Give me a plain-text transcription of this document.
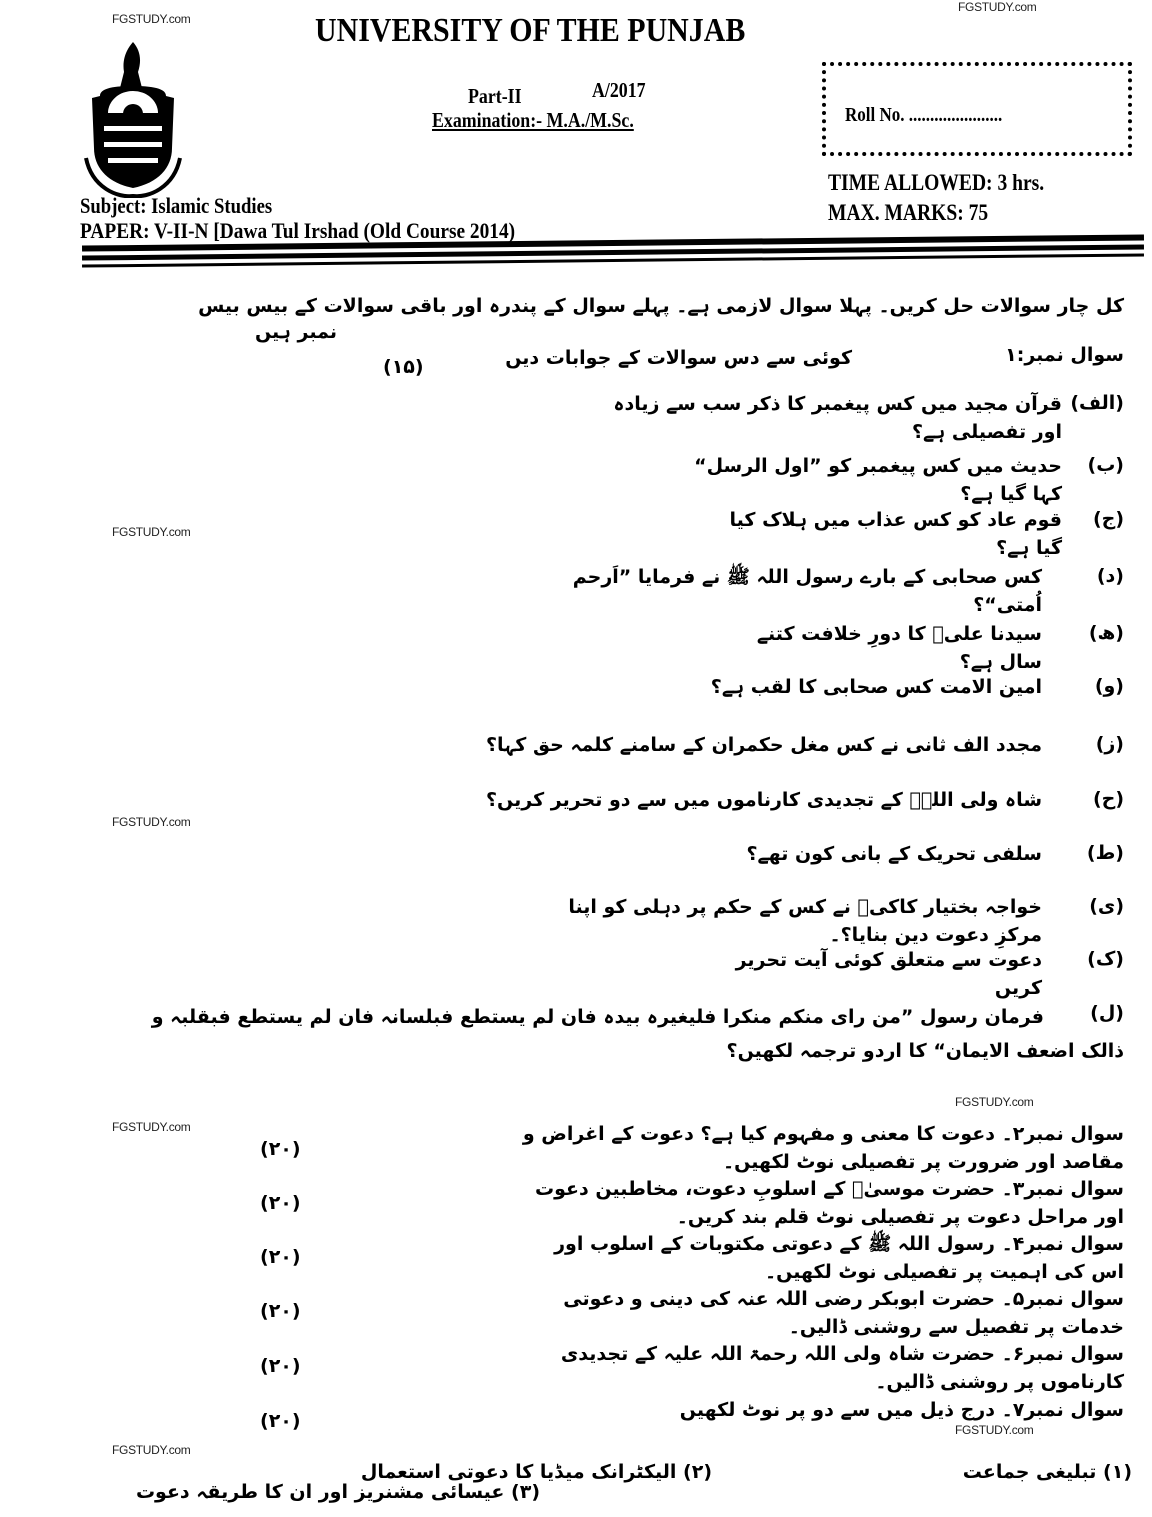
FGSTUDY.com
FGSTUDY.com
FGSTUDY.com
FGSTUDY.com
FGSTUDY.com
FGSTUDY.com
FGSTUDY.com
FGSTUDY.com
UNIVERSITY OF THE PUNJAB
Part-II	A/2017
Examination:- M.A./M.Sc.	Roll No. ......................
TIME ALLOWED: 3 hrs.
MAX. MARKS: 75
Subject: Islamic Studies
PAPER: V-II-N [Dawa Tul Irshad (Old Course 2014)
کل چار سوالات حل کریں۔ پہلا سوال لازمی ہے۔ پہلے سوال کے پندرہ اور باقی سوالات کے بیس بیس
نمبر ہیں
سوال نمبر:۱
کوئی سے دس سوالات کے جوابات دیں
(۱۵)
(الف)
قرآن مجید میں کس پیغمبر کا ذکر سب سے زیادہ اور تفصیلی ہے؟
(ب)
حدیث میں کس پیغمبر کو ”اول الرسل“ کہا گیا ہے؟
(ج)
قوم عاد کو کس عذاب میں ہلاک کیا گیا ہے؟
(د)
کس صحابی کے بارے رسول اللہ ﷺ نے فرمایا ”اَرحم اُمتی“؟
(ھ)
سیدنا علیؓ کا دورِ خلافت کتنے سال ہے؟
(و)
امین الامت کس صحابی کا لقب ہے؟
(ز)
مجدد الف ثانی نے کس مغل حکمران کے سامنے کلمہ حق کہا؟
(ح)
شاہ ولی اللہؒ کے تجدیدی کارناموں میں سے دو تحریر کریں؟
(ط)
سلفی تحریک کے بانی کون تھے؟
(ی)
خواجہ بختیار کاکیؒ نے کس کے حکم پر دہلی کو اپنا مرکزِ دعوت دین بنایا؟۔
(ک)
دعوت سے متعلق کوئی آیت تحریر کریں
(ل)
فرمان رسول ”من رای منکم منکرا فلیغیرہ بیدہ فان لم یستطع فبلسانہ فان لم یستطع فبقلبہ و ذالک اضعف الایمان“ کا اردو ترجمہ لکھیں؟
سوال نمبر۲۔ دعوت کا معنی و مفہوم کیا ہے؟ دعوت کے اغراض و مقاصد اور ضرورت پر تفصیلی نوٹ لکھیں۔
(۲۰)
سوال نمبر۳۔ حضرت موسیٰؑ کے اسلوبِ دعوت، مخاطبین دعوت اور مراحل دعوت پر تفصیلی نوٹ قلم بند کریں۔
(۲۰)
سوال نمبر۴۔ رسول اللہ ﷺ کے دعوتی مکتوبات کے اسلوب اور اس کی اہمیت پر تفصیلی نوٹ لکھیں۔
(۲۰)
سوال نمبر۵۔ حضرت ابوبکر رضی اللہ عنہ کی دینی و دعوتی خدمات پر تفصیل سے روشنی ڈالیں۔
(۲۰)
سوال نمبر۶۔ حضرت شاہ ولی اللہ رحمۃ اللہ علیہ کے تجدیدی کارناموں پر روشنی ڈالیں۔
(۲۰)
سوال نمبر۷۔ درج ذیل میں سے دو پر نوٹ لکھیں
(۲۰)
(۱) تبلیغی جماعت
(۲) الیکٹرانک میڈیا کا دعوتی استعمال
(۳) عیسائی مشنریز اور ان کا طریقہ دعوت
